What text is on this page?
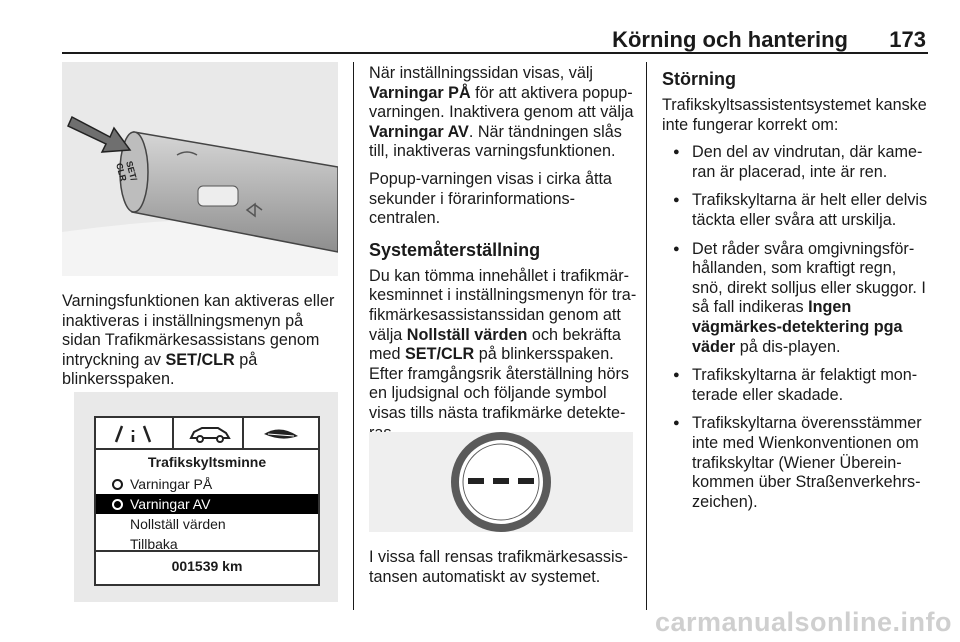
Körning och hantering 173
SET/
CLR

Varningsfunktionen kan aktiveras eller inaktiveras i inställningsmenyn på sidan Trafikmärkesassistans genom intryckning av SET/CLR på blinkersspaken.

Trafikskyltsminne
Varningar PÅ
Varningar AV
Nollställ värden
Tillbaka
001539 km

När inställningssidan visas, välj Varningar PÅ för att aktivera popup-varningen. Inaktivera genom att välja Varningar AV. När tändningen slås till, inaktiveras varningsfunktionen.

Popup-varningen visas i cirka åtta sekunder i förarinformations-centralen.

Systemåterställning

Du kan tömma innehållet i trafikmär-kesminnet i inställningsmenyn för tra-fikmärkesassistanssidan genom att välja Nollställ värden och bekräfta med SET/CLR på blinkersspaken. Efter framgångsrik återställning hörs en ljudsignal och följande symbol visas tills nästa trafikmärke detekte-

I vissa fall rensas trafikmärkesassis-tansen automatiskt av systemet.

Störning

Trafikskyltsassistentsystemet kanske inte fungerar korrekt om:

● Den del av vindrutan, där kame-ran är placerad, inte är ren.
● Trafikskyltarna är helt eller delvis täckta eller svåra att urskilja.
● Det råder svåra omgivningsför-hållanden, som kraftigt regn, snö, direkt solljus eller skuggor. I så fall indikeras Ingen vägmärkes-detektering pga väder på dis-playen.
● Trafikskyltarna är felaktigt mon-terade eller skadade.
● Trafikskyltarna överensstämmer inte med Wienkonventionen om trafikskyltar (Wiener Überein-kommen über Straßenverkehrs-zeichen).
carmanualsonline.info
